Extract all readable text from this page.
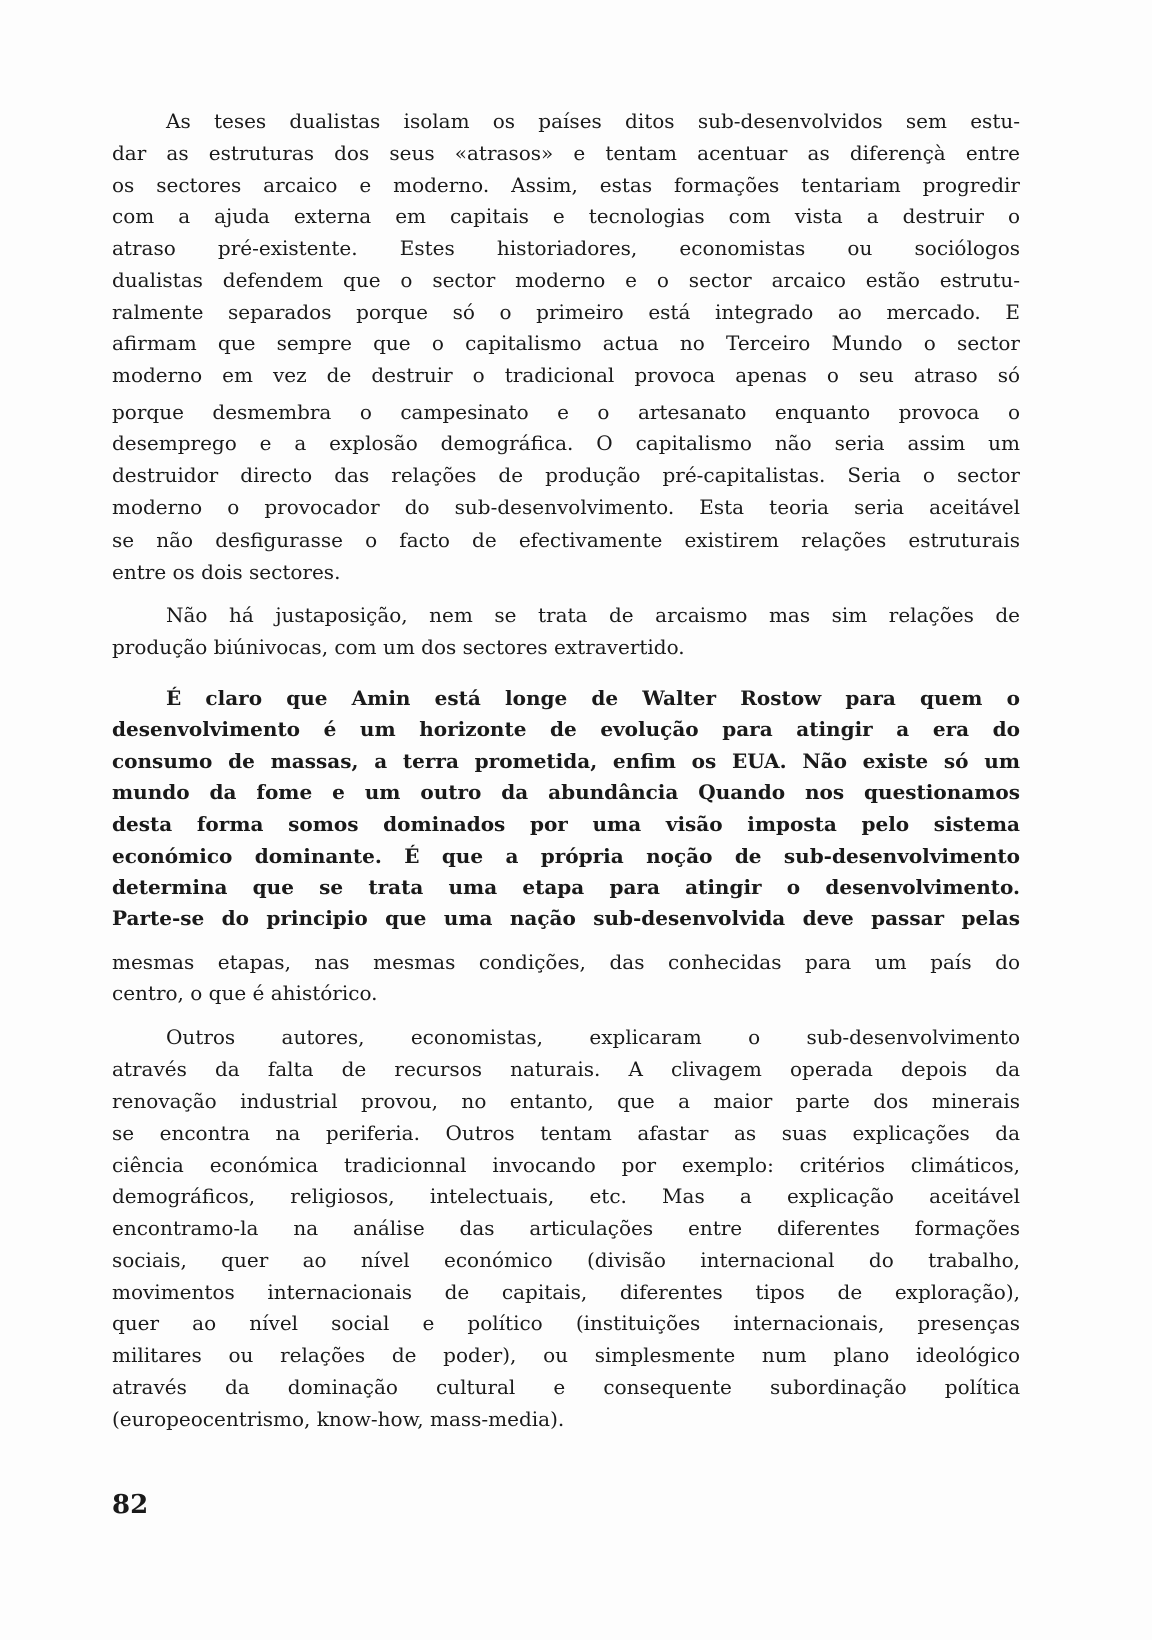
As teses dualistas isolam os países ditos sub-desenvolvidos sem estu-
dar as estruturas dos seus «atrasos» e tentam acentuar as diferençà entre
os sectores arcaico e moderno. Assim, estas formações tentariam progredir
com a ajuda externa em capitais e tecnologias com vista a destruir o
atraso pré-existente. Estes historiadores, economistas ou sociólogos
dualistas defendem que o sector moderno e o sector arcaico estão estrutu-
ralmente separados porque só o primeiro está integrado ao mercado. E
afirmam que sempre que o capitalismo actua no Terceiro Mundo o sector
moderno em vez de destruir o tradicional provoca apenas o seu atraso só
porque desmembra o campesinato e o artesanato enquanto provoca o
desemprego e a explosão demográfica. O capitalismo não seria assim um
destruidor directo das relações de produção pré-capitalistas. Seria o sector
moderno o provocador do sub-desenvolvimento. Esta teoria seria aceitável
se não desfigurasse o facto de efectivamente existirem relações estruturais
entre os dois sectores.
Não há justaposição, nem se trata de arcaismo mas sim relações de
produção biúnivocas, com um dos sectores extravertido.
É claro que Amin está longe de Walter Rostow para quem o
desenvolvimento é um horizonte de evolução para atingir a era do
consumo de massas, a terra prometida, enfim os EUA. Não existe só um
mundo da fome e um outro da abundância Quando nos questionamos
desta forma somos dominados por uma visão imposta pelo sistema
económico dominante. É que a própria noção de sub-desenvolvimento
determina que se trata uma etapa para atingir o desenvolvimento.
Parte-se do principio que uma nação sub-desenvolvida deve passar pelas
mesmas etapas, nas mesmas condições, das conhecidas para um país do
centro, o que é ahistórico.
Outros autores, economistas, explicaram o sub-desenvolvimento
através da falta de recursos naturais. A clivagem operada depois da
renovação industrial provou, no entanto, que a maior parte dos minerais
se encontra na periferia. Outros tentam afastar as suas explicações da
ciência económica tradicionnal invocando por exemplo: critérios climáticos,
demográficos, religiosos, intelectuais, etc. Mas a explicação aceitável
encontramo-la na análise das articulações entre diferentes formações
sociais, quer ao nível económico (divisão internacional do trabalho,
movimentos internacionais de capitais, diferentes tipos de exploração),
quer ao nível social e político (instituições internacionais, presenças
militares ou relações de poder), ou simplesmente num plano ideológico
através da dominação cultural e consequente subordinação política
(europeocentrismo, know-how, mass-media).
82
